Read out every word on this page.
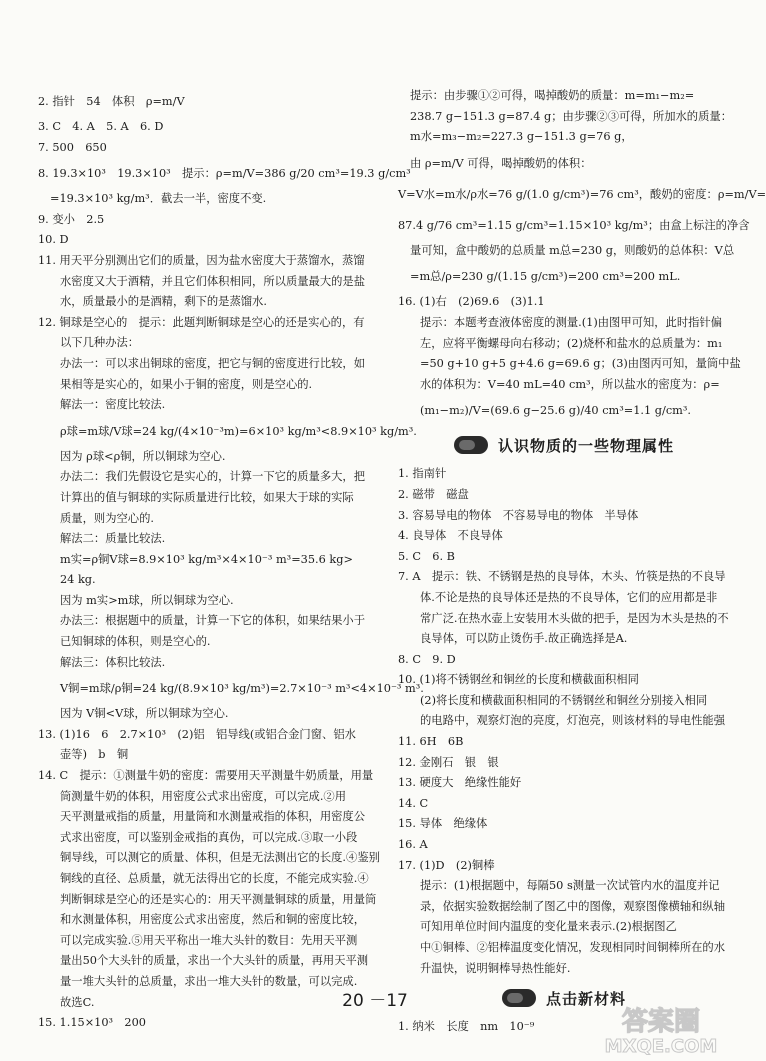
2. 指针　54　体积　ρ=m/V
3. C　4. A　5. A　6. D
7. 500　650
8. 19.3×10³　19.3×10³　提示：ρ=m/V=386 g/20 cm³=19.3 g/cm³
=19.3×10³ kg/m³．截去一半，密度不变.
9. 变小　2.5
10. D
11. 用天平分别测出它们的质量，因为盐水密度大于蒸馏水，蒸馏
水密度又大于酒精，并且它们体积相同，所以质量最大的是盐
水，质量最小的是酒精，剩下的是蒸馏水.
12. 铜球是空心的　提示：此题判断铜球是空心的还是实心的，有
以下几种办法：
办法一：可以求出铜球的密度，把它与铜的密度进行比较，如
果相等是实心的，如果小于铜的密度，则是空心的.
解法一：密度比较法.
ρ球=m球/V球=24 kg/(4×10⁻³m)=6×10³ kg/m³<8.9×10³ kg/m³.
因为 ρ球<ρ铜，所以铜球为空心.
办法二：我们先假设它是实心的，计算一下它的质量多大，把
计算出的值与铜球的实际质量进行比较，如果大于球的实际
质量，则为空心的.
解法二：质量比较法.
m实=ρ铜V球=8.9×10³ kg/m³×4×10⁻³ m³=35.6 kg>
24 kg.
因为 m实>m球，所以铜球为空心.
办法三：根据题中的质量，计算一下它的体积，如果结果小于
已知铜球的体积，则是空心的.
解法三：体积比较法.
V铜=m球/ρ铜=24 kg/(8.9×10³ kg/m³)=2.7×10⁻³ m³<4×10⁻³ m³.
因为 V铜<V球，所以铜球为空心.
13. (1)16　6　2.7×10³　(2)铝　铝导线(或铝合金门窗、铝水
壶等)　b　铜
14. C　提示：①测量牛奶的密度：需要用天平测量牛奶质量，用量
筒测量牛奶的体积，用密度公式求出密度，可以完成.②用
天平测量戒指的质量，用量筒和水测量戒指的体积，用密度公
式求出密度，可以鉴别金戒指的真伪，可以完成.③取一小段
铜导线，可以测它的质量、体积，但是无法测出它的长度.④鉴别
铜线的直径、总质量，就无法得出它的长度，不能完成实验.④
判断铜球是空心的还是实心的：用天平测量铜球的质量，用量筒
和水测量体积，用密度公式求出密度，然后和铜的密度比较，
可以完成实验.⑤用天平称出一堆大头针的数目：先用天平测
量出50个大头针的质量，求出一个大头针的质量，再用天平测
量一堆大头针的总质量，求出一堆大头针的数量，可以完成.
故选C.
15. 1.15×10³　200
提示：由步骤①②可得，喝掉酸奶的质量：m=m₁−m₂=
238.7 g−151.3 g=87.4 g；由步骤②③可得，所加水的质量：
m水=m₃−m₂=227.3 g−151.3 g=76 g，
由 ρ=m/V 可得，喝掉酸奶的体积：
V=V水=m水/ρ水=76 g/(1.0 g/cm³)=76 cm³，酸奶的密度：ρ=m/V=
87.4 g/76 cm³=1.15 g/cm³=1.15×10³ kg/m³；由盒上标注的净含
量可知，盒中酸奶的总质量 m总=230 g，则酸奶的总体积：V总
=m总/ρ=230 g/(1.15 g/cm³)=200 cm³=200 mL.
16. (1)右　(2)69.6　(3)1.1
提示：本题考查液体密度的测量.(1)由图甲可知，此时指针偏
左，应将平衡螺母向右移动；(2)烧杯和盐水的总质量为：m₁
=50 g+10 g+5 g+4.6 g=69.6 g；(3)由图丙可知，量筒中盐
水的体积为：V=40 mL=40 cm³，所以盐水的密度为：ρ=
(m₁−m₂)/V=(69.6 g−25.6 g)/40 cm³=1.1 g/cm³.
认识物质的一些物理属性
1. 指南针
2. 磁带　磁盘
3. 容易导电的物体　不容易导电的物体　半导体
4. 良导体　不良导体
5. C　6. B
7. A　提示：铁、不锈钢是热的良导体，木头、竹筷是热的不良导
体.不论是热的良导体还是热的不良导体，它们的应用都是非
常广泛.在热水壶上安装用木头做的把手，是因为木头是热的不
良导体，可以防止烫伤手.故正确选择是A.
8. C　9. D
10. (1)将不锈钢丝和铜丝的长度和横截面积相同
(2)将长度和横截面积相同的不锈钢丝和铜丝分别接入相同
的电路中，观察灯泡的亮度，灯泡亮，则该材料的导电性能强
11. 6H　6B
12. 金刚石　银　银
13. 硬度大　绝缘性能好
14. C
15. 导体　绝缘体
16. A
17. (1)D　(2)铜棒
提示：(1)根据题中，每隔50 s测量一次试管内水的温度并记
录，依据实验数据绘制了图乙中的图像，观察图像横轴和纵轴
可知用单位时间内温度的变化量来表示.(2)根据图乙
中①铜棒、②铝棒温度变化情况，发现相同时间铜棒所在的水
升温快，说明铜棒导热性能好.
点击新材料
1. 纳米　长度　nm　10⁻⁹
20 －17
答案圈
MXQE.COM
